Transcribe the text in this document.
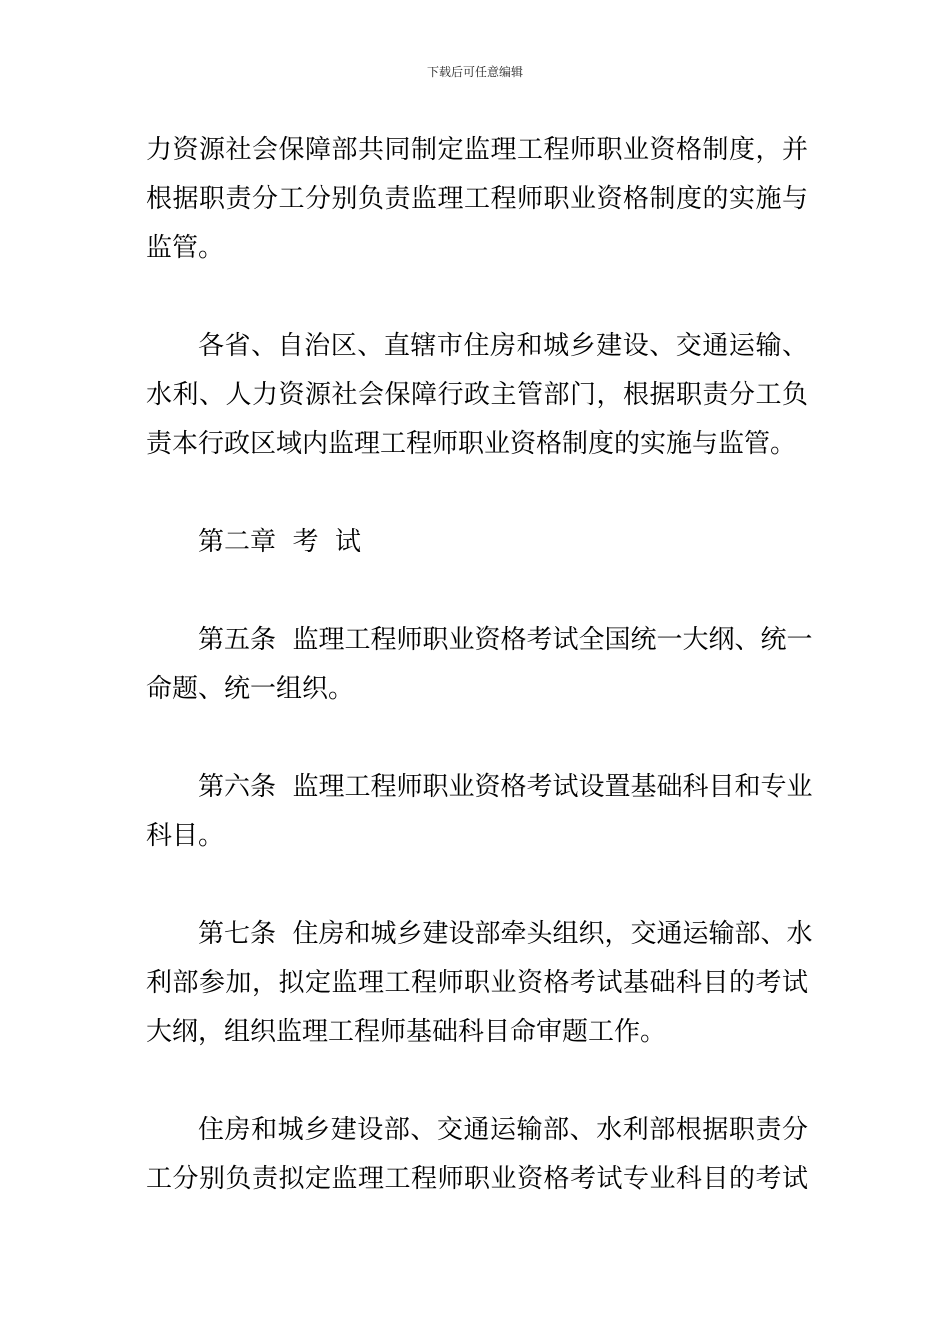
下载后可任意编辑
力资源社会保障部共同制定监理工程师职业资格制度，并
根据职责分工分别负责监理工程师职业资格制度的实施与
监管。
各省、自治区、直辖市住房和城乡建设、交通运输、
水利、人力资源社会保障行政主管部门，根据职责分工负
责本行政区域内监理工程师职业资格制度的实施与监管。
第二章  考  试
第五条  监理工程师职业资格考试全国统一大纲、统一
命题、统一组织。
第六条  监理工程师职业资格考试设置基础科目和专业
科目。
第七条  住房和城乡建设部牵头组织，交通运输部、水
利部参加，拟定监理工程师职业资格考试基础科目的考试
大纲，组织监理工程师基础科目命审题工作。
住房和城乡建设部、交通运输部、水利部根据职责分
工分别负责拟定监理工程师职业资格考试专业科目的考试
